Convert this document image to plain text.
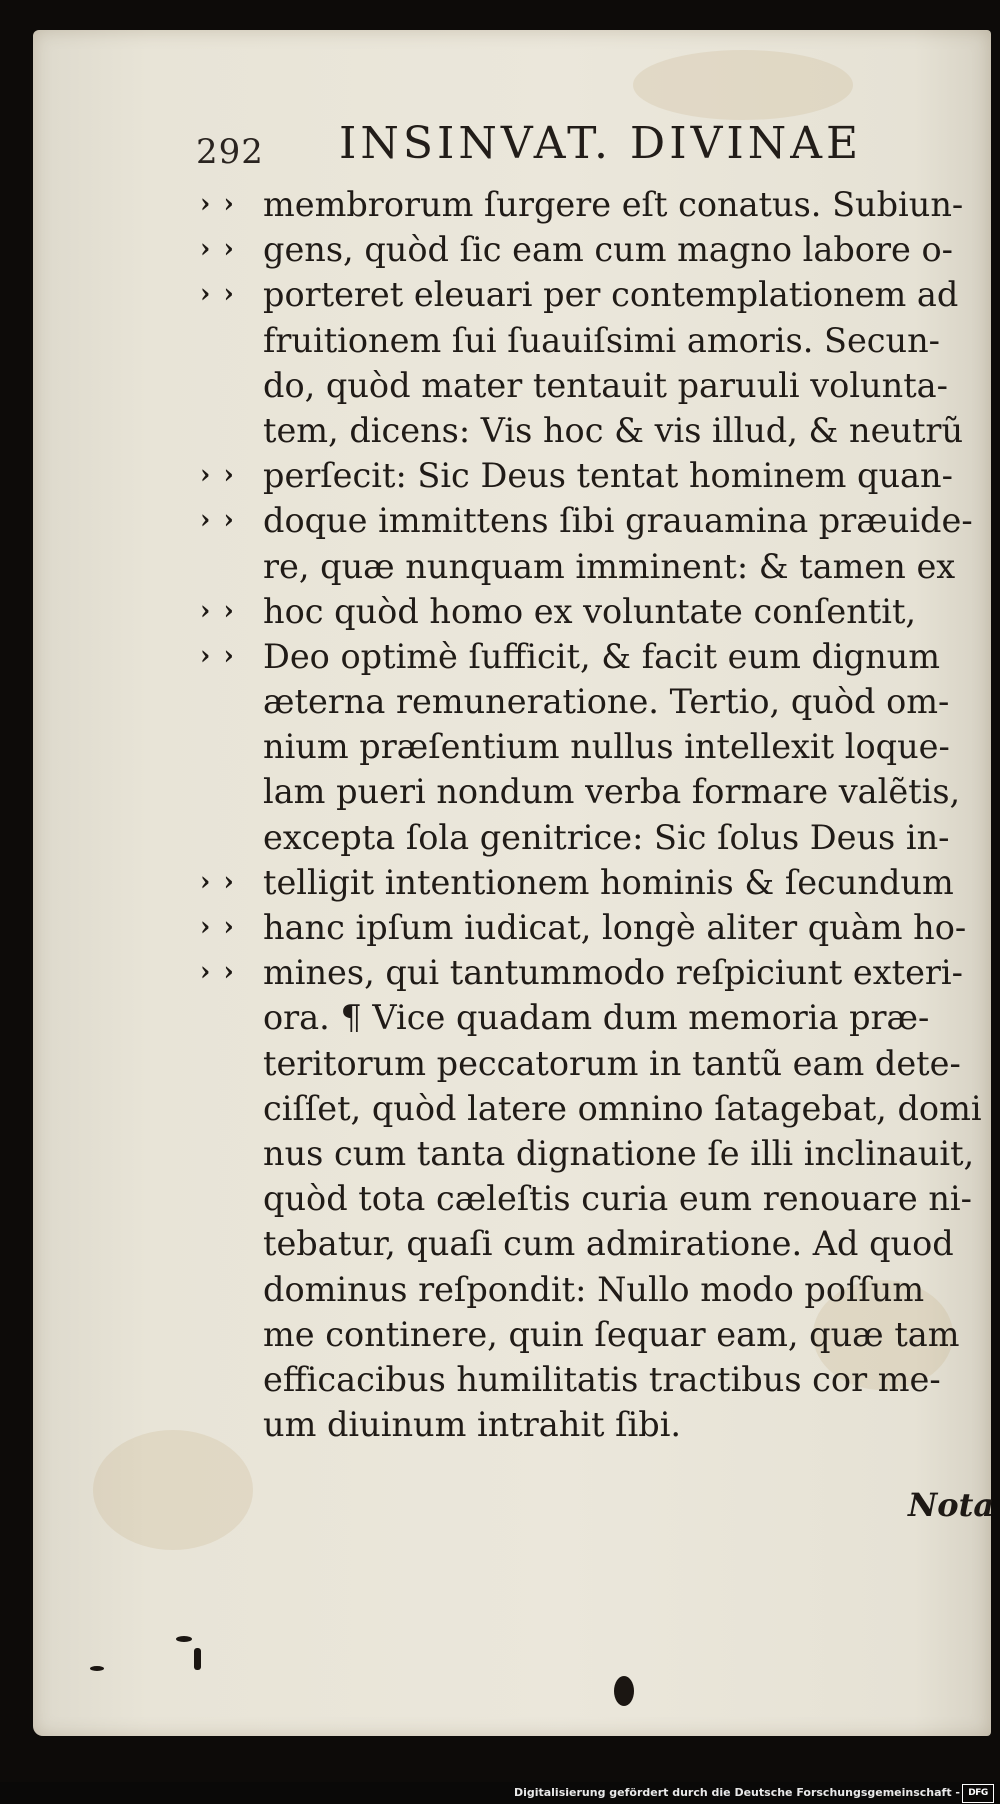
292 INSINVAT. DIVINAE
› › membrorum ſurgere eſt conatus. Subiun-
› › gens, quòd ſic eam cum magno labore o-
› › porteret eleuari per contemplationem ad
fruitionem ſui ſuauiſsimi amoris. Secun-
do, quòd mater tentauit paruuli volunta-
tem, dicens: Vis hoc & vis illud, & neutrũ
› › perſecit: Sic Deus tentat hominem quan-
› › doque immittens ſibi grauamina præuide-
re, quæ nunquam imminent: & tamen ex
› › hoc quòd homo ex voluntate conſentit,
› › Deo optimè ſufficit, & facit eum dignum
æterna remuneratione. Tertio, quòd om-
nium præſentium nullus intellexit loque-
lam pueri nondum verba formare valẽtis,
excepta ſola genitrice: Sic ſolus Deus in-
› › telligit intentionem hominis & ſecundum
› › hanc ipſum iudicat, longè aliter quàm ho-
› › mines, qui tantummodo reſpiciunt exteri-
ora. ¶ Vice quadam dum memoria præ-
teritorum peccatorum in tantũ eam dete-
ciſſet, quòd latere omnino ſatagebat, domi
nus cum tanta dignatione ſe illi inclinauit,
quòd tota cæleſtis curia eum renouare ni-
tebatur, quaſi cum admiratione. Ad quod
dominus reſpondit: Nullo modo poſſum
me continere, quin ſequar eam, quæ tam
efficacibus humilitatis tractibus cor me-
um diuinum intrahit ſibi.
Nota
Digitalisierung gefördert durch die Deutsche Forschungsgemeinschaft - DFG
